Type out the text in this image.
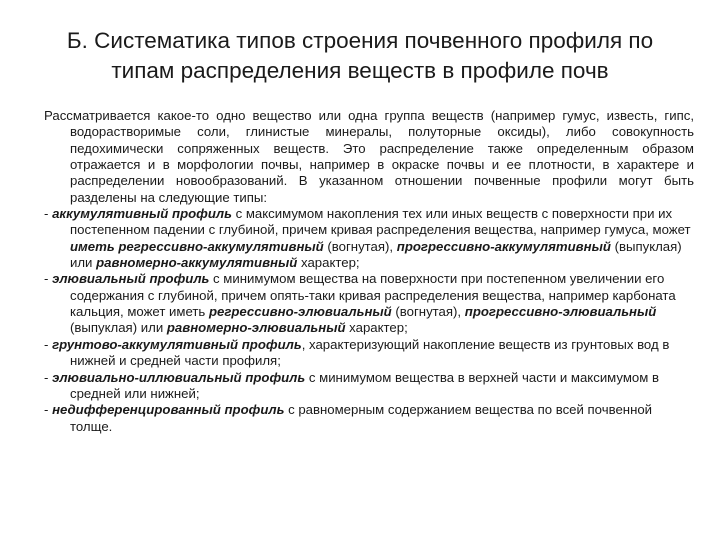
Б. Систематика типов строения почвенного профиля по
типам распределения веществ в профиле почв

Рассматривается какое-то одно вещество или одна группа веществ (например гумус, известь, гипс, водорастворимые соли, глинистые минералы, полуторные оксиды), либо совокупность педохимически сопряженных веществ. Это распределение также определенным образом отражается и в морфологии почвы, например в окраске почвы и ее плотности, в характере и распределении новообразований. В указанном отношении почвенные профили могут быть разделены на следующие типы:

- аккумулятивный профиль с максимумом накопления тех или иных веществ с поверхности при их постепенном падении с глубиной, причем кривая распределения вещества, например гумуса, может иметь регрессивно-аккумулятивный (вогнутая), прогрессивно-аккумулятивный (выпуклая) или равномерно-аккумулятивный характер;

- элювиальный профиль с минимумом вещества на поверхности при постепенном увеличении его содержания с глубиной, причем опять-таки кривая распределения вещества, например карбоната кальция, может иметь регрессивно-элювиальный (вогнутая), прогрессивно-элювиальный (выпуклая) или равномерно-элювиальный характер;

- грунтово-аккумулятивный профиль, характеризующий накопление веществ из грунтовых вод в нижней и средней части профиля;

- элювиально-иллювиальный профиль с минимумом вещества в верхней части и максимумом в средней или нижней;

- недифференцированный профиль с равномерным содержанием вещества по всей почвенной толще.
